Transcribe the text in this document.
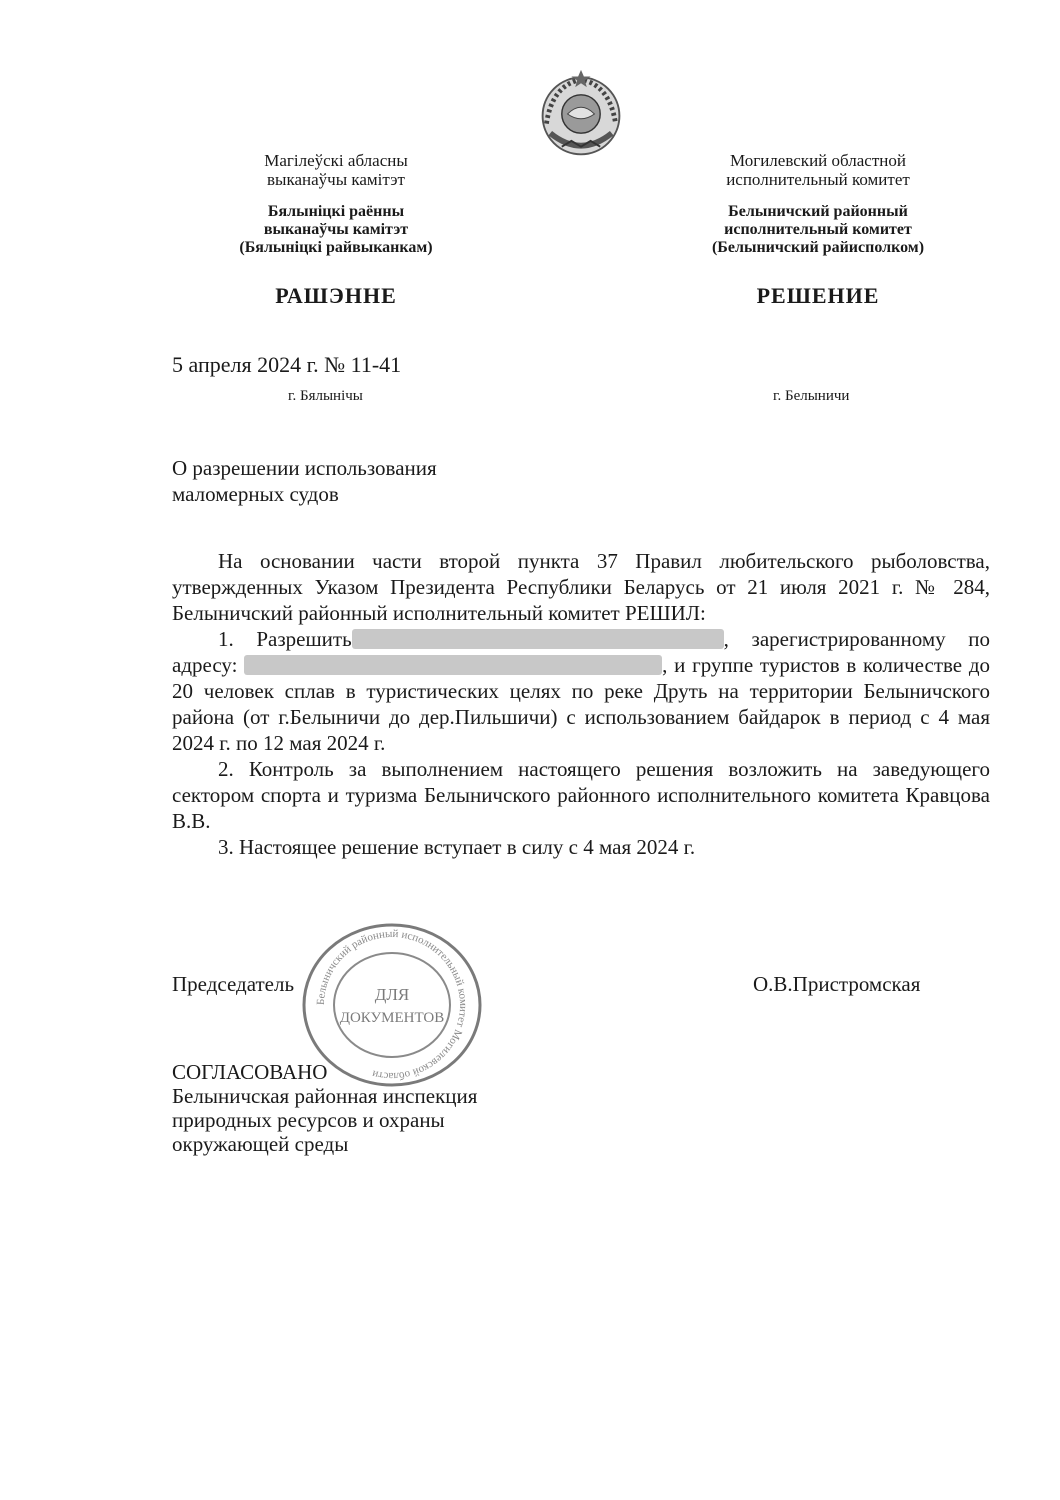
Магілеўскі абласны
выканаўчы камітэт
Бялыніцкі раённы
выканаўчы камітэт
(Бялыніцкі райвыканкам)
РАШЭННЕ
Могилевский областной
исполнительный комитет
Белыничский районный
исполнительный комитет
(Белыничский райисполком)
РЕШЕНИЕ
5 апреля 2024 г. № 11-41
г. Бялынічы	г. Белыничи
О разрешении использования
маломерных судов

На основании части второй пункта 37 Правил любительского рыболовства, утвержденных Указом Президента Республики Беларусь от 21 июля 2021 г. № 284, Белыничский районный исполнительный комитет РЕШИЛ:

1. Разрешить	, зарегистрированному по адресу:	, и группе туристов в количестве до 20 человек сплав в туристических целях по реке Друть на территории Белыничского района (от г.Белыничи до дер.Пильшичи) с использованием байдарок в период с 4 мая 2024 г. по 12 мая 2024 г.

2. Контроль за выполнением настоящего решения возложить на заведующего сектором спорта и туризма Белыничского районного исполнительного комитета Кравцова В.В.

3. Настоящее решение вступает в силу с 4 мая 2024 г.

Председатель	О.В.Пристромская
Белыничский районный исполнительный комитет Могилевской области
ДЛЯ
ДОКУМЕНТОВ
СОГЛАСОВАНО
Белыничская районная инспекция
природных ресурсов и охраны
окружающей среды
